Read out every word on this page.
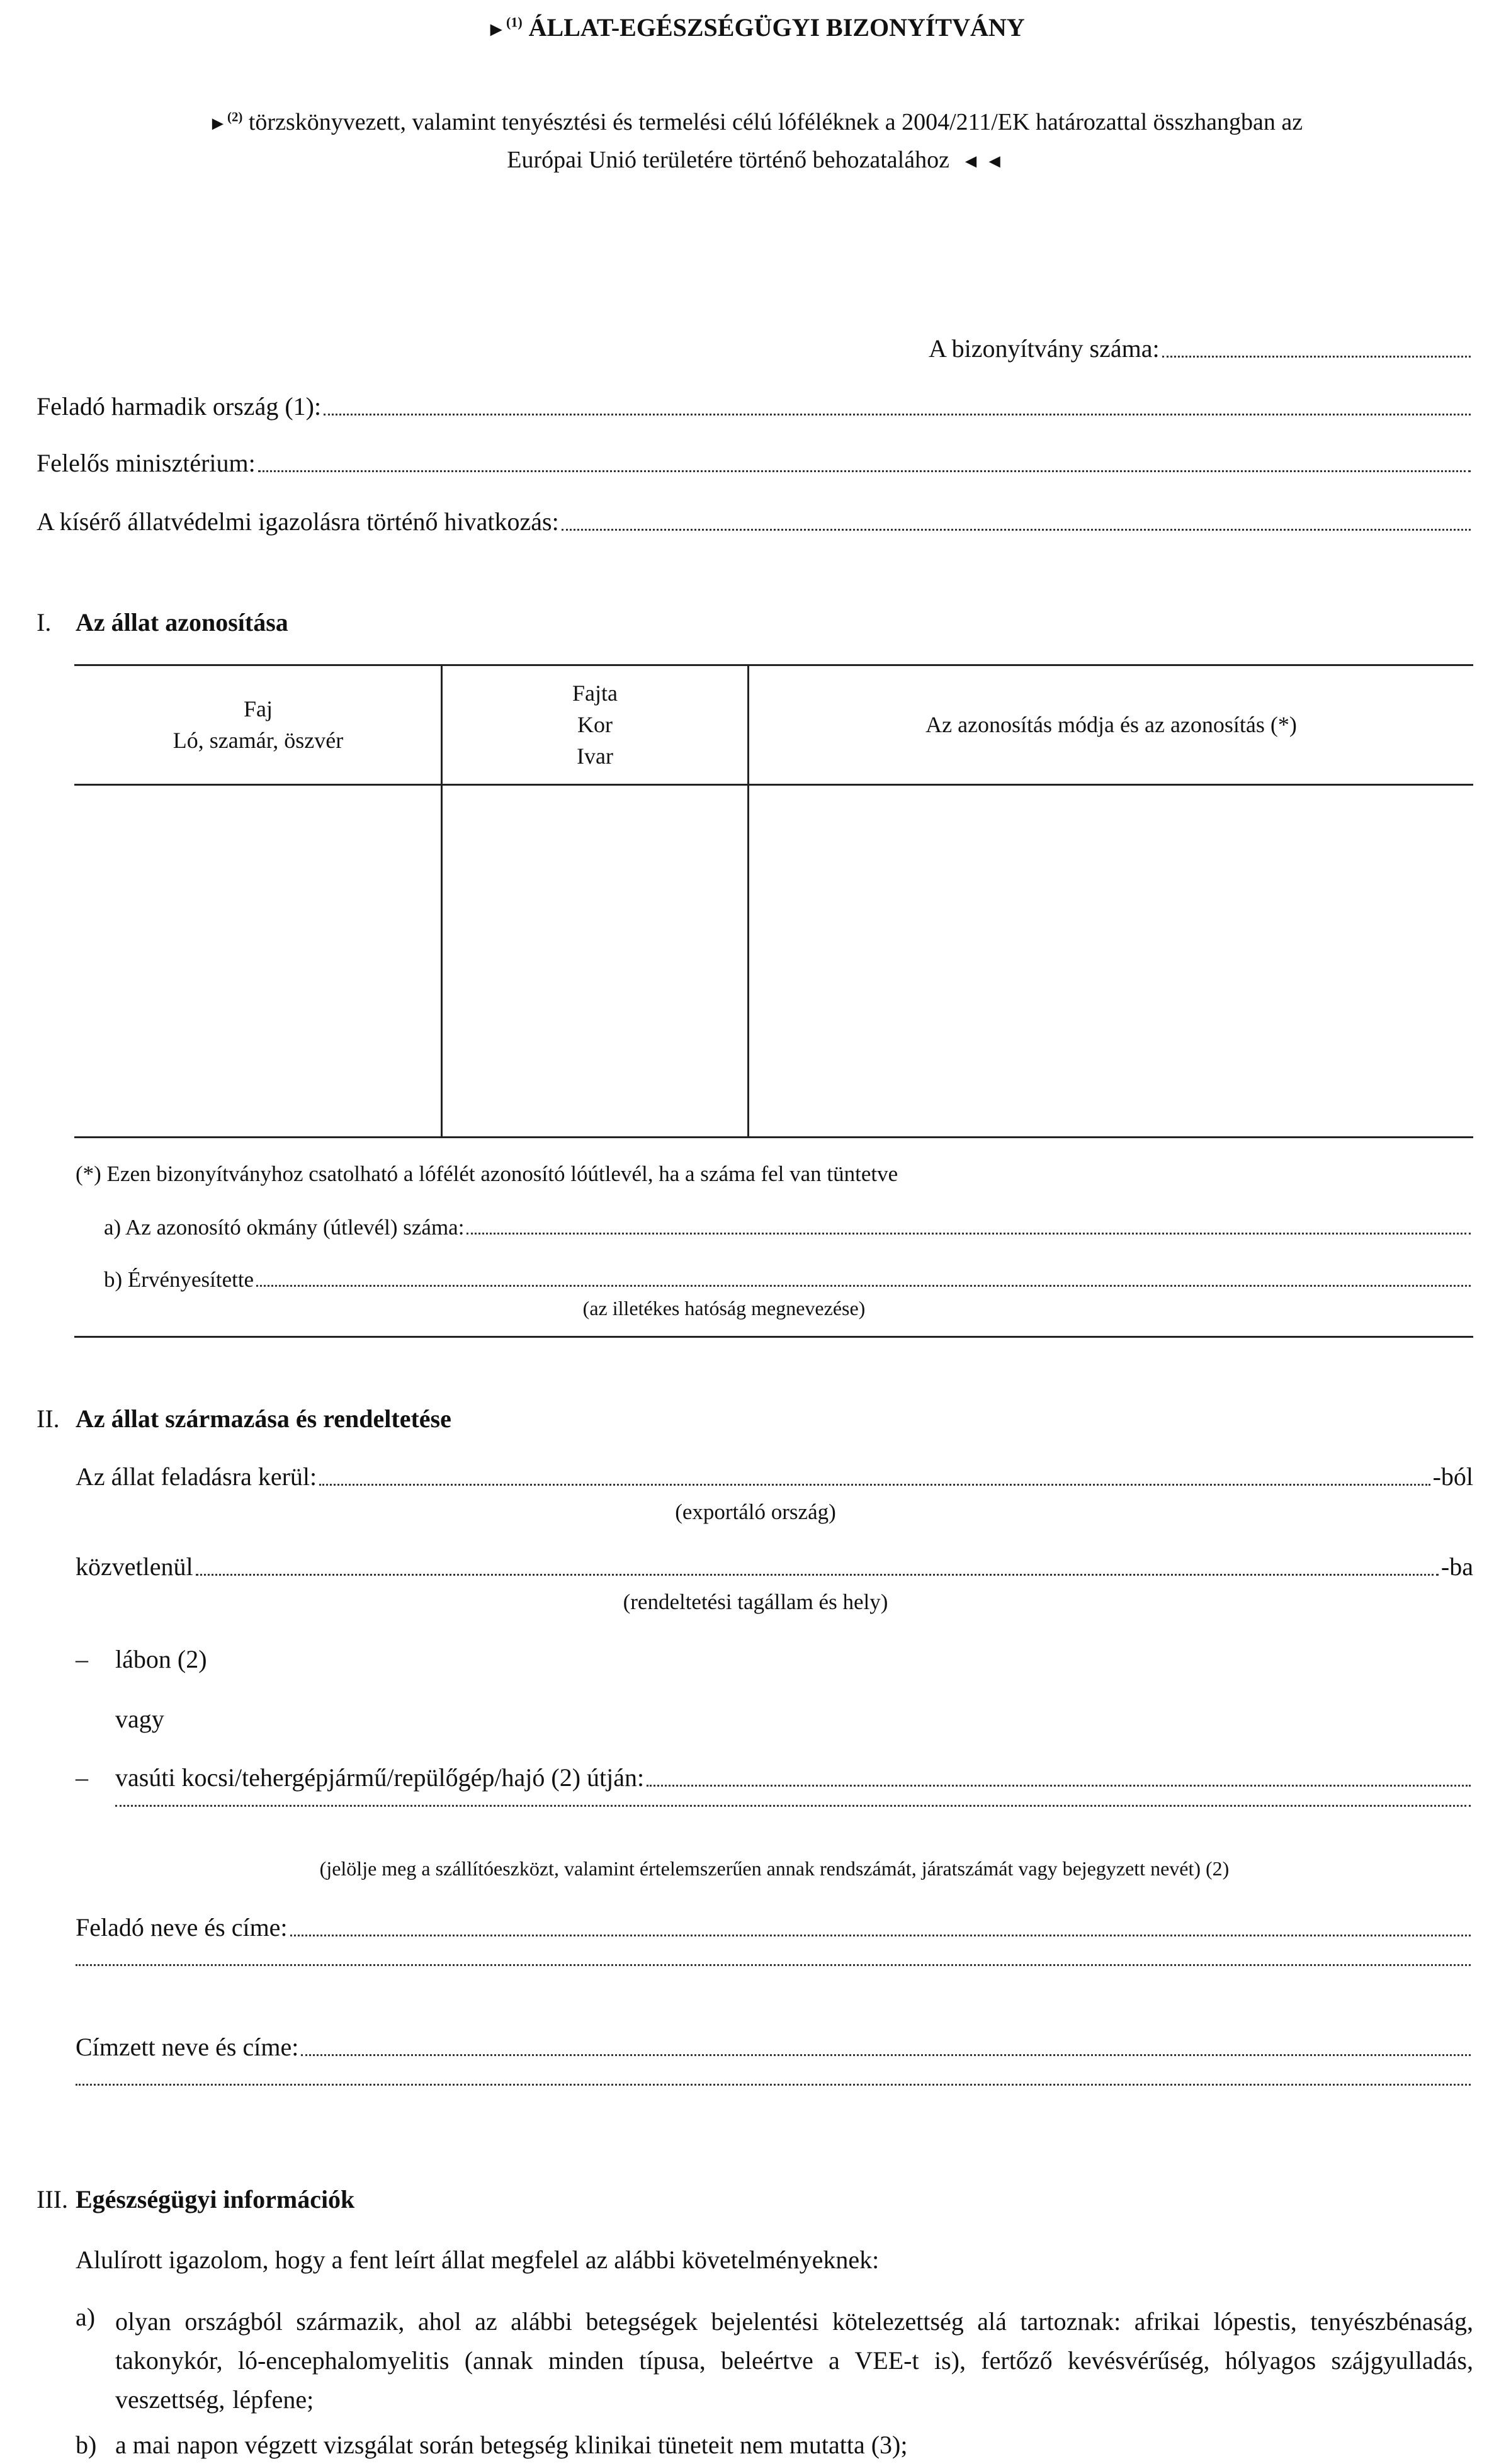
►$^{(1)}$ ÁLLAT-EGÉSZSÉGÜGYI BIZONYÍTVÁNY
►$^{(2)}$ törzskönyvezett, valamint tenyésztési és termelési célú lóféléknek a 2004/211/EK határozattal összhangban az
Európai Unió területére történő behozatalához ◄ ◄
A bizonyítvány száma:
Feladó harmadik ország (1):
Felelős minisztérium:
A kísérő állatvédelmi igazolásra történő hivatkozás:
I. Az állat azonosítása
Faj
Ló, szamár, öszvér
Fajta
Kor
Ivar
Az azonosítás módja és az azonosítás (*)
(*) Ezen bizonyítványhoz csatolható a lófélét azonosító lóútlevél, ha a száma fel van tüntetve
a) Az azonosító okmány (útlevél) száma:
b) Érvényesítette
(az illetékes hatóság megnevezése)
II. Az állat származása és rendeltetése
Az állat feladásra kerül:	-ból
(exportáló ország)
közvetlenül	-ba
(rendeltetési tagállam és hely)
– lábon (2)
vagy
– vasúti kocsi/tehergépjármű/repülőgép/hajó (2) útján:
(jelölje meg a szállítóeszközt, valamint értelemszerűen annak rendszámát, járatszámát vagy bejegyzett nevét) (2)
Feladó neve és címe:
Címzett neve és címe:
III. Egészségügyi információk
Alulírott igazolom, hogy a fent leírt állat megfelel az alábbi követelményeknek:
a) olyan országból származik, ahol az alábbi betegségek bejelentési kötelezettség alá tartoznak: afrikai lópestis, tenyészbénaság, takonykór, ló-encephalomyelitis (annak minden típusa, beleértve a VEE-t is), fertőző kevésvérűség, hólyagos szájgyulladás, veszettség, lépfene;
b) a mai napon végzett vizsgálat során betegség klinikai tüneteit nem mutatta (3);
